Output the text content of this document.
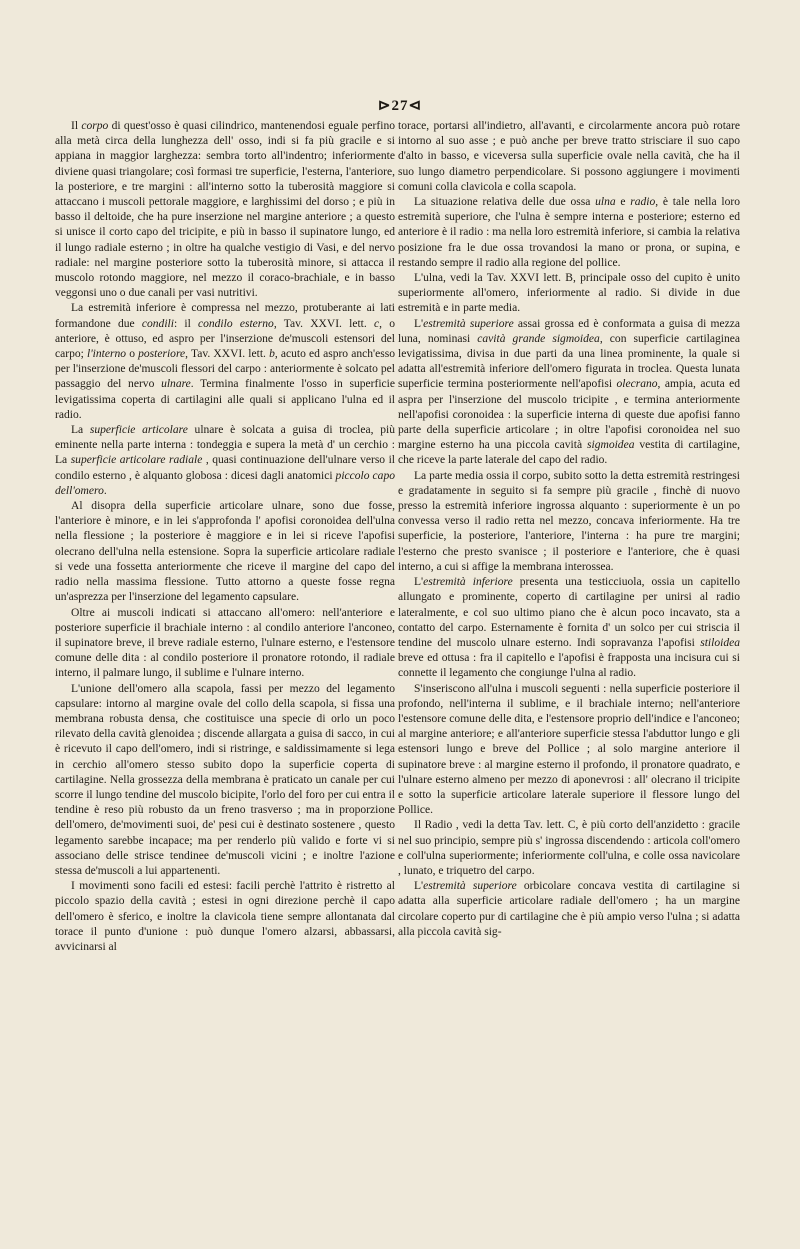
⊳27⊲

Il corpo di quest'osso è quasi cilindrico, mantenendosi eguale perfino alla metà circa della lunghezza dell' osso, indi si fa più gracile e si appiana in maggior larghezza: sembra torto all'indentro; inferiormente diviene quasi triangolare; così formasi tre superficie, l'esterna, l'anteriore, la posteriore, e tre margini : all'interno sotto la tuberosità maggiore si attaccano i muscoli pettorale maggiore, e larghissimi del dorso ; e più in basso il deltoide, che ha pure inserzione nel margine anteriore ; a questo si unisce il corto capo del tricipite, e più in basso il supinatore lungo, ed il lungo radiale esterno ; in oltre ha qualche vestigio di Vasi, e del nervo radiale: nel margine posteriore sotto la tuberosità minore, si attacca il muscolo rotondo maggiore, nel mezzo il coraco-brachiale, e in basso veggonsi uno o due canali per vasi nutritivi.

La estremità inferiore è compressa nel mezzo, protuberante ai lati formandone due condili: il condilo esterno, Tav. XXVI. lett. c, o anteriore, è ottuso, ed aspro per l'inserzione de'muscoli estensori del carpo; l'interno o posteriore, Tav. XXVI. lett. b, acuto ed aspro anch'esso per l'inserzione de'muscoli flessori del carpo : anteriormente è solcato pel passaggio del nervo ulnare. Termina finalmente l'osso in superficie levigatissima coperta di cartilagini alle quali si applicano l'ulna ed il radio.

La superficie articolare ulnare è solcata a guisa di troclea, più eminente nella parte interna : tondeggia e supera la metà d' un cerchio : La superficie articolare radiale , quasi continuazione dell'ulnare verso il condilo esterno , è alquanto globosa : dicesi dagli anatomici piccolo capo dell'omero.

Al disopra della superficie articolare ulnare, sono due fosse, l'anteriore è minore, e in lei s'approfonda l' apofisi coronoidea dell'ulna nella flessione ; la posteriore è maggiore e in lei si riceve l'apofisi olecrano dell'ulna nella estensione. Sopra la superficie articolare radiale si vede una fossetta anteriormente che riceve il margine del capo del radio nella massima flessione. Tutto attorno a queste fosse regna un'asprezza per l'inserzione del legamento capsulare.

Oltre ai muscoli indicati si attaccano all'omero: nell'anteriore e posteriore superficie il brachiale interno : al condilo anteriore l'anconeo, il supinatore breve, il breve radiale esterno, l'ulnare esterno, e l'estensore comune delle dita : al condilo posteriore il pronatore rotondo, il radiale interno, il palmare lungo, il sublime e l'ulnare interno.

L'unione dell'omero alla scapola, fassi per mezzo del legamento capsulare: intorno al margine ovale del collo della scapola, si fissa una membrana robusta densa, che costituisce una specie di orlo un poco rilevato della cavità glenoidea ; discende allargata a guisa di sacco, in cui è ricevuto il capo dell'omero, indi si ristringe, e saldissimamente si lega in cerchio all'omero stesso subito dopo la superficie coperta di cartilagine. Nella grossezza della membrana è praticato un canale per cui scorre il lungo tendine del muscolo bicipite, l'orlo del foro per cui entra il tendine è reso più robusto da un freno trasverso ; ma in proporzione dell'omero, de'movimenti suoi, de' pesi cui è destinato sostenere , questo legamento sarebbe incapace; ma per renderlo più valido e forte vi si associano delle strisce tendinee de'muscoli vicini ; e inoltre l'azione stessa de'muscoli a lui appartenenti.

I movimenti sono facili ed estesi: facili perchè l'attrito è ristretto al piccolo spazio della cavità ; estesi in ogni direzione perchè il capo dell'omero è sferico, e inoltre la clavicola tiene sempre allontanata dal torace il punto d'unione : può dunque l'omero alzarsi, abbassarsi, avvicinarsi al

torace, portarsi all'indietro, all'avanti, e circolarmente ancora può rotare intorno al suo asse ; e può anche per breve tratto strisciare il suo capo d'alto in basso, e viceversa sulla superficie ovale nella cavità, che ha il suo lungo diametro perpendicolare. Si possono aggiungere i movimenti comuni colla clavicola e colla scapola.

La situazione relativa delle due ossa ulna e radio, è tale nella loro estremità superiore, che l'ulna è sempre interna e posteriore; esterno ed anteriore è il radio : ma nella loro estremità inferiore, si cambia la relativa posizione fra le due ossa trovandosi la mano or prona, or supina, e restando sempre il radio alla regione del pollice.

L'ulna, vedi la Tav. XXVI lett. B, principale osso del cupito è unito superiormente all'omero, inferiormente al radio. Si divide in due estremità e in parte media.

L'estremità superiore assai grossa ed è conformata a guisa di mezza luna, nominasi cavità grande sigmoidea, con superficie cartilaginea levigatissima, divisa in due parti da una linea prominente, la quale si adatta all'estremità inferiore dell'omero figurata in troclea. Questa lunata superficie termina posteriormente nell'apofisi olecrano, ampia, acuta ed aspra per l'inserzione del muscolo tricipite , e termina anteriormente nell'apofisi coronoidea : la superficie interna di queste due apofisi fanno parte della superficie articolare ; in oltre l'apofisi coronoidea nel suo margine esterno ha una piccola cavità sigmoidea vestita di cartilagine, che riceve la parte laterale del capo del radio.

La parte media ossia il corpo, subito sotto la detta estremità restringesi e gradatamente in seguito si fa sempre più gracile , finchè di nuovo presso la estremità inferiore ingrossa alquanto : superiormente è un po convessa verso il radio retta nel mezzo, concava inferiormente. Ha tre superficie, la posteriore, l'anteriore, l'interna : ha pure tre margini; l'esterno che presto svanisce ; il posteriore e l'anteriore, che è quasi interno, a cui si affige la membrana interossea.

L'estremità inferiore presenta una testicciuola, ossia un capitello allungato e prominente, coperto di cartilagine per unirsi al radio lateralmente, e col suo ultimo piano che è alcun poco incavato, sta a contatto del carpo. Esternamente è fornita d' un solco per cui striscia il tendine del muscolo ulnare esterno. Indi sopravanza l'apofisi stiloidea breve ed ottusa : fra il capitello e l'apofisi è frapposta una incisura cui si connette il legamento che congiunge l'ulna al radio.

S'inseriscono all'ulna i muscoli seguenti : nella superficie posteriore il profondo, nell'interna il sublime, e il brachiale interno; nell'anteriore l'estensore comune delle dita, e l'estensore proprio dell'indice e l'anconeo; al margine anteriore; e all'anteriore superficie stessa l'abduttor lungo e gli estensori lungo e breve del Pollice ; al solo margine anteriore il supinatore breve : al margine esterno il profondo, il pronatore quadrato, e l'ulnare esterno almeno per mezzo di aponevrosi : all' olecrano il tricipite e sotto la superficie articolare laterale superiore il flessore lungo del Pollice.

Il Radio , vedi la detta Tav. lett. C, è più corto dell'anzidetto : gracile nel suo principio, sempre più s' ingrossa discendendo : articola coll'omero e coll'ulna superiormente; inferiormente coll'ulna, e colle ossa navicolare , lunato, e triquetro del carpo.

L'estremità superiore orbicolare concava vestita di cartilagine si adatta alla superficie articolare radiale dell'omero ; ha un margine circolare coperto pur di cartilagine che è più ampio verso l'ulna ; si adatta alla piccola cavità sig-
